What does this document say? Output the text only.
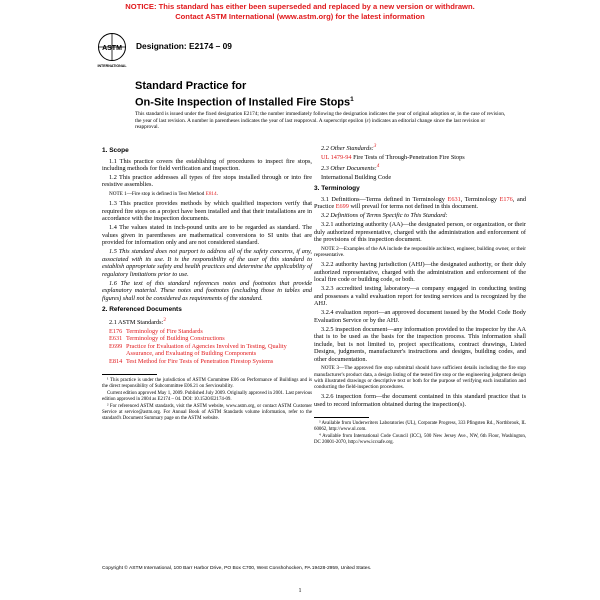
NOTICE: This standard has either been superseded and replaced by a new version or withdrawn.
Contact ASTM International (www.astm.org) for the latest information
ASTM
INTERNATIONAL
Designation: E2174 – 09
Standard Practice for
On-Site Inspection of Installed Fire Stops$^1$
This standard is issued under the fixed designation E2174; the number immediately following the designation indicates the year of original adoption or, in the case of revision, the year of last revision. A number in parentheses indicates the year of last reapproval. A superscript epsilon (ε) indicates an editorial change since the last revision or reapproval.
1. Scope

1.1 This practice covers the establishing of procedures to inspect fire stops, including methods for field verification and inspection.

1.2 This practice addresses all types of fire stops installed through or into fire resistive assemblies.

NOTE 1—Fire stop is defined in Test Method E814.

1.3 This practice provides methods by which qualified inspectors verify that required fire stops on a project have been installed and that their installations are in accordance with the inspection documents.

1.4 The values stated in inch-pound units are to be regarded as standard. The values given in parentheses are mathematical conversions to SI units that are provided for information only and are not considered standard.

1.5 This standard does not purport to address all of the safety concerns, if any, associated with its use. It is the responsibility of the user of this standard to establish appropriate safety and health practices and determine the applicability of regulatory limitations prior to use.

1.6 The text of this standard references notes and footnotes that provide explanatory material. These notes and footnotes (excluding those in tables and figures) shall not be considered as requirements of the standard.

2. Referenced Documents

2.1 ASTM Standards:$^2$

E176 Terminology of Fire Standards
E631 Terminology of Building Constructions
E699 Practice for Evaluation of Agencies Involved in Testing, Quality Assurance, and Evaluating of Building Components
E814 Test Method for Fire Tests of Penetration Firestop Systems

¹ This practice is under the jurisdiction of ASTM Committee E06 on Performance of Buildings and is the direct responsibility of Subcommittee E06.21 on Serviceability.

Current edition approved May 1, 2009. Published July 2009. Originally approved in 2001. Last previous edition approved in 2004 as E2174 – 04. DOI: 10.1520/E2174-09.

² For referenced ASTM standards, visit the ASTM website, www.astm.org, or contact ASTM Customer Service at service@astm.org. For Annual Book of ASTM Standards volume information, refer to the standard's Document Summary page on the ASTM website.

2.2 Other Standards:$^3$

UL 1479-94 Fire Tests of Through-Penetration Fire Stops

2.3 Other Documents:$^4$

International Building Code

3. Terminology

3.1 Definitions—Terms defined in Terminology E631, Terminology E176, and Practice E699 will prevail for terms not defined in this document.

3.2 Definitions of Terms Specific to This Standard:

3.2.1 authorizing authority (AA)—the designated person, or organization, or their duly authorized representative, charged with the administration and enforcement of the provisions of this inspection document.

NOTE 2—Examples of the AA include the responsible architect, engineer, building owner, or their representative.

3.2.2 authority having jurisdiction (AHJ)—the designated authority, or their duly authorized representative, charged with the administration and enforcement of the local fire code or building code, or both.

3.2.3 accredited testing laboratory—a company engaged in conducting testing and possesses a valid evaluation report for testing services and is recognized by the AHJ.

3.2.4 evaluation report—an approved document issued by the Model Code Body Evaluation Service or by the AHJ.

3.2.5 inspection document—any information provided to the inspector by the AA that is to be used as the basis for the inspection process. This information shall include, but is not limited to, project specifications, contract drawings, Listed Designs, judgments, manufacturer's instructions and designs, building codes, and other documentation.

NOTE 3—The approved fire stop submittal should have sufficient details including the fire stop manufacturer's product data, a design listing of the tested fire stop or the engineering judgment design with illustrated drawings or descriptive text or both for the purpose of verifying each installation and conducting the field-inspection procedures.

3.2.6 inspection form—the document contained in this standard practice that is used to record information obtained during the inspection(s).

³ Available from Underwriters Laboratories (UL), Corporate Progress, 333 Pfingsten Rd., Northbrook, IL 60062, http://www.ul.com.

⁴ Available from International Code Council (ICC), 500 New Jersey Ave., NW, 6th Floor, Washington, DC 20001-2070, http://www.iccsafe.org.

Copyright © ASTM International, 100 Barr Harbor Drive, PO Box C700, West Conshohocken, PA 19428-2959, United States.
1
